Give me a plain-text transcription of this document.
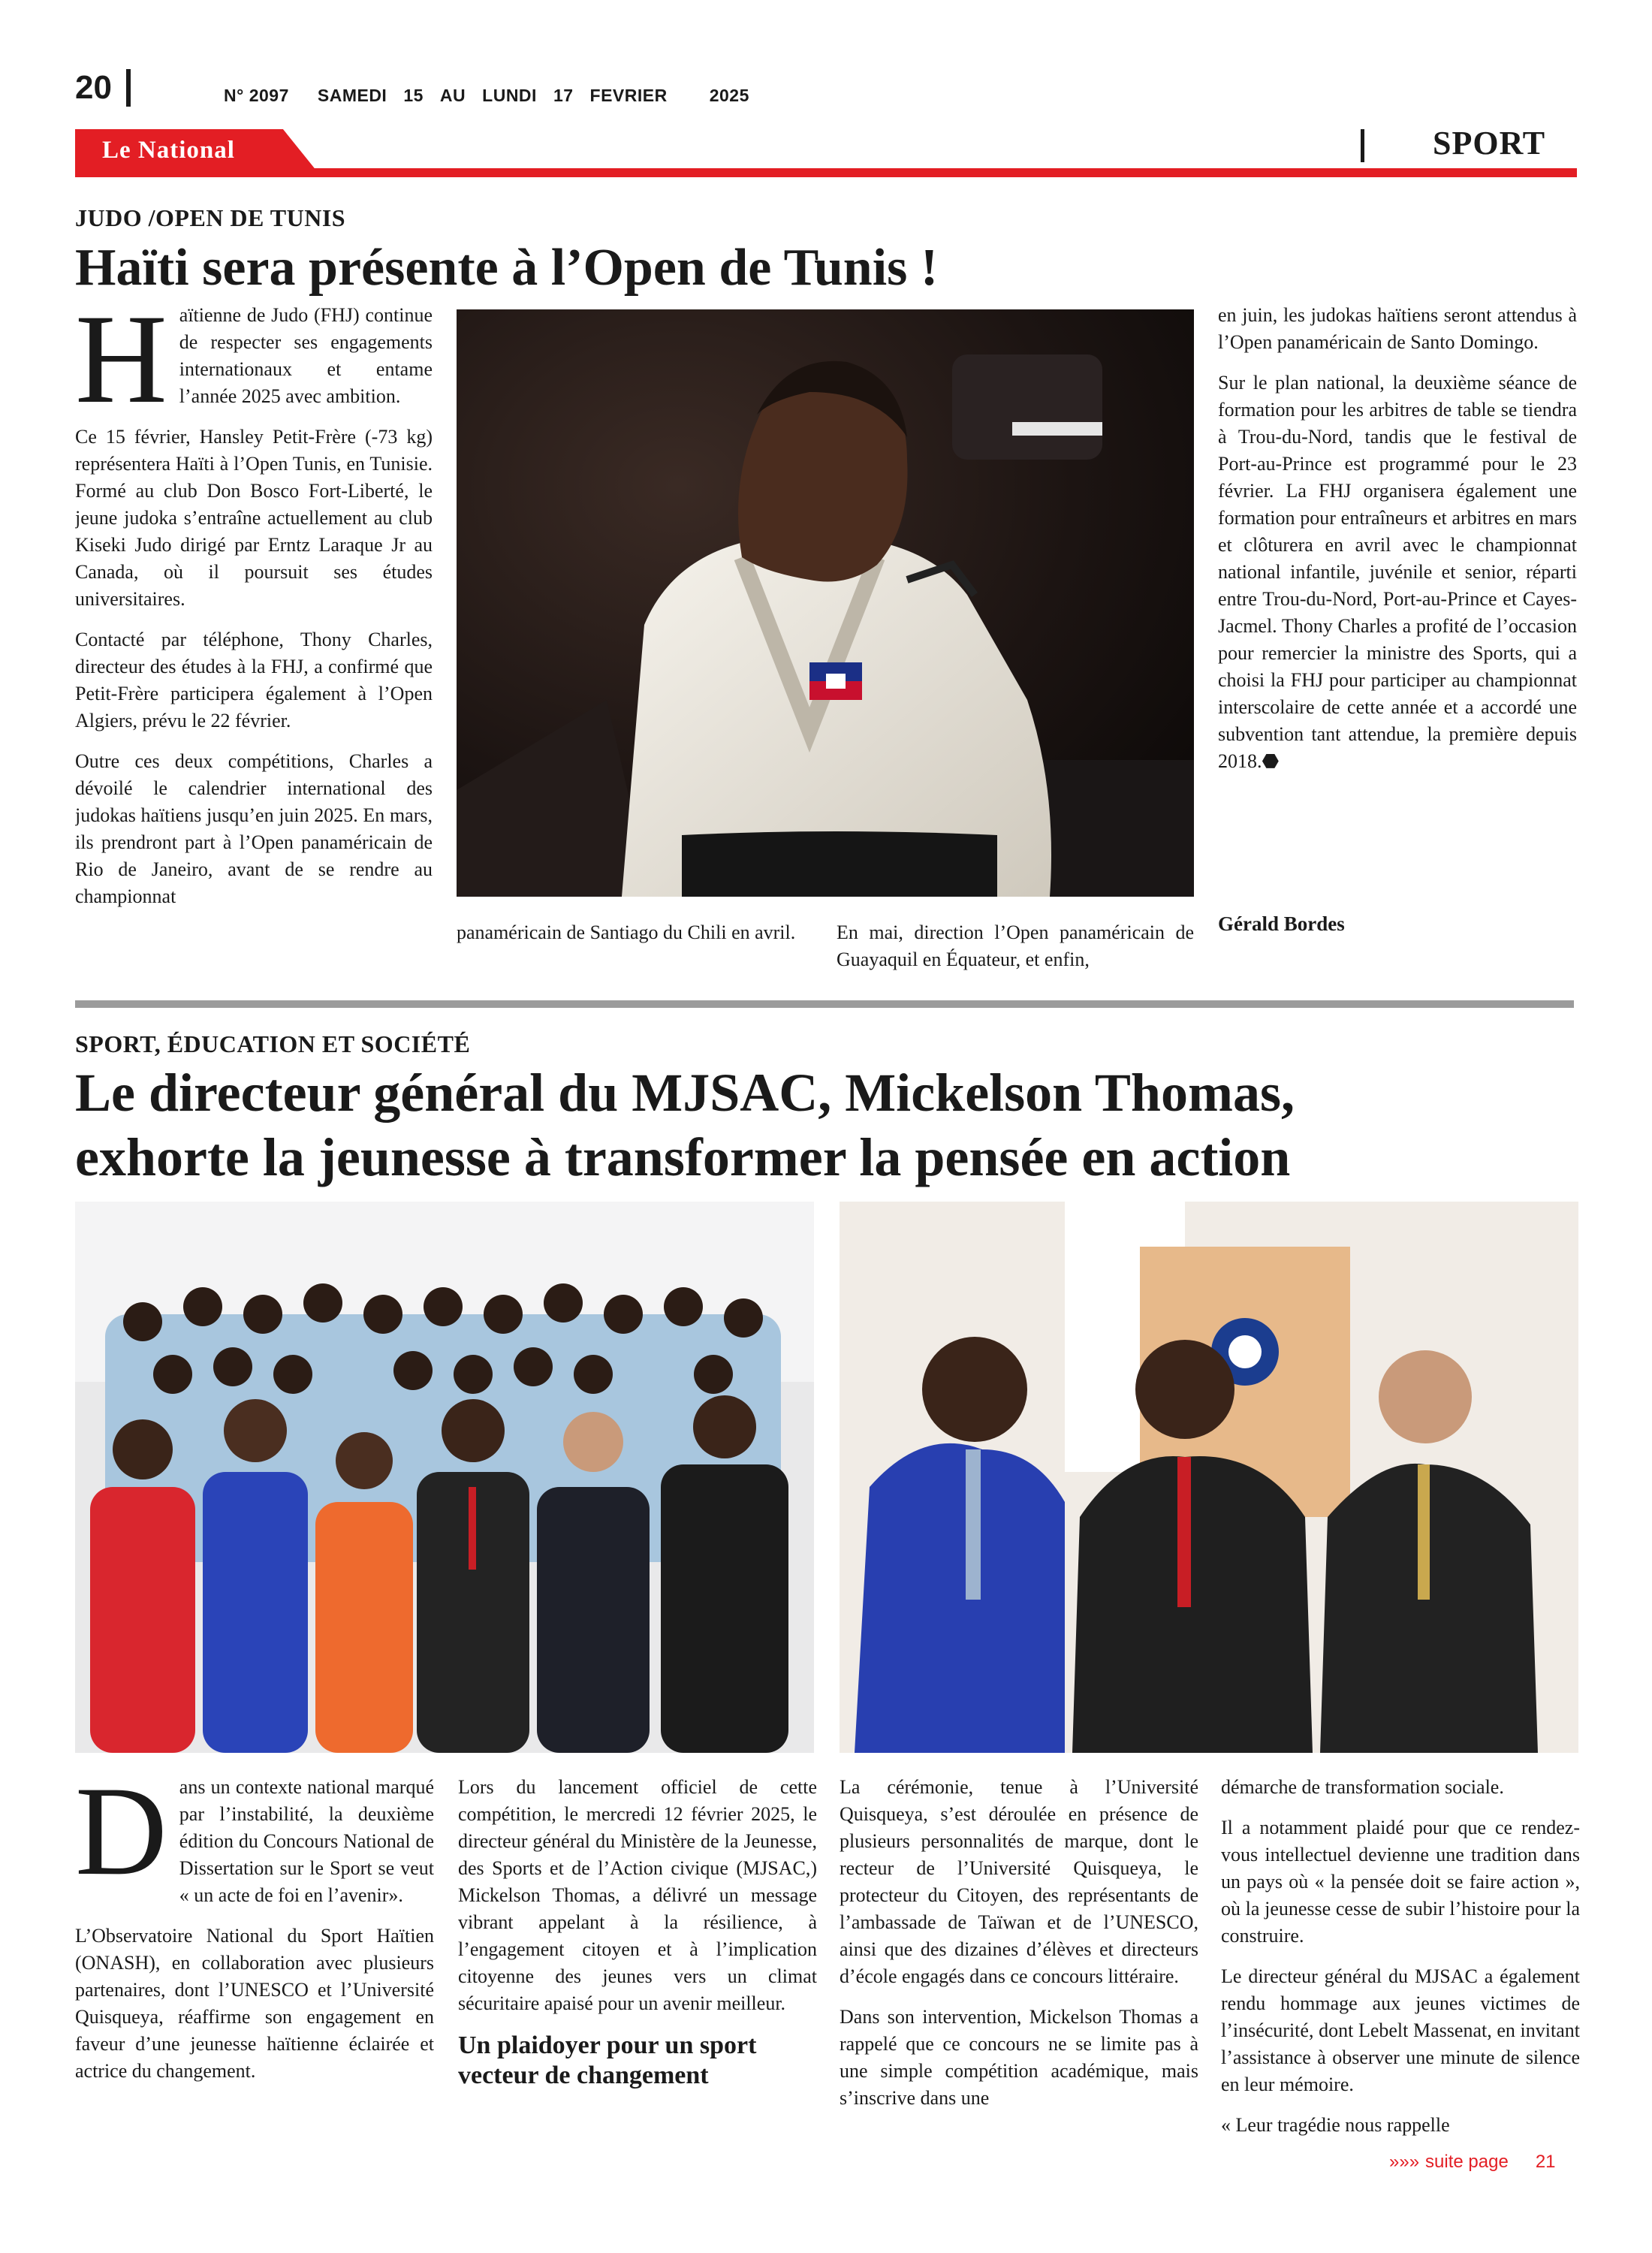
20	N° 2097 SAMEDI 15 AU LUNDI 17 FEVRIER 2025
Le National	SPORT
JUDO /OPEN DE TUNIS
Haïti sera présente à l’Open de Tunis !

Haïtienne de Judo (FHJ) continue de respecter ses engagements internationaux et entame l’année 2025 avec ambition.

Ce 15 février, Hansley Petit-Frère (-73 kg) représentera Haïti à l’Open Tunis, en Tunisie. Formé au club Don Bosco Fort-Liberté, le jeune judoka s’entraîne actuellement au club Kiseki Judo dirigé par Erntz Laraque Jr au Canada, où il poursuit ses études universitaires.

Contacté par téléphone, Thony Charles, directeur des études à la FHJ, a confirmé que Petit-Frère participera également à l’Open Algiers, prévu le 22 février.

Outre ces deux compétitions, Charles a dévoilé le calendrier international des judokas haïtiens jusqu’en juin 2025. En mars, ils prendront part à l’Open panaméricain de Rio de Janeiro, avant de se rendre au championnat

panaméricain de Santiago du Chili en avril.	En mai, direction l’Open panaméricain de Guayaquil en Équateur, et enfin,

en juin, les judokas haïtiens seront attendus à l’Open panaméricain de Santo Domingo.

Sur le plan national, la deuxième séance de formation pour les arbitres de table se tiendra à Trou-du-Nord, tandis que le festival de Port-au-Prince est programmé pour le 23 février. La FHJ organisera également une formation pour entraîneurs et arbitres en mars et clôturera en avril avec le championnat national infantile, juvénile et senior, réparti entre Trou-du-Nord, Port-au-Prince et Cayes-Jacmel. Thony Charles a profité de l’occasion pour remercier la ministre des Sports, qui a choisi la FHJ pour participer au championnat interscolaire de cette année et a accordé une subvention tant attendue, la première depuis 2018.⬣

Gérald Bordes
SPORT, ÉDUCATION ET SOCIÉTÉ
Le directeur général du MJSAC, Mickelson Thomas,
exhorte la jeunesse à transformer la pensée en action

Dans un contexte national marqué par l’instabilité, la deuxième édition du Concours National de Dissertation sur le Sport se veut « un acte de foi en l’avenir».

L’Observatoire National du Sport Haïtien (ONASH), en collaboration avec plusieurs partenaires, dont l’UNESCO et l’Université Quisqueya, réaffirme son engagement en faveur d’une jeunesse haïtienne éclairée et actrice du changement.

Lors du lancement officiel de cette compétition, le mercredi 12 février 2025, le directeur général du Ministère de la Jeunesse, des Sports et de l’Action civique (MJSAC,) Mickelson Thomas, a délivré un message vibrant appelant à la résilience, à l’engagement citoyen et à l’implication citoyenne des jeunes vers un climat sécuritaire apaisé pour un avenir meilleur.

Un plaidoyer pour un sport vecteur de changement

La cérémonie, tenue à l’Université Quisqueya, s’est déroulée en présence de plusieurs personnalités de marque, dont le recteur de l’Université Quisqueya, le protecteur du Citoyen, des représentants de l’ambassade de Taïwan et de l’UNESCO, ainsi que des dizaines d’élèves et directeurs d’école engagés dans ce concours littéraire.

Dans son intervention, Mickelson Thomas a rappelé que ce concours ne se limite pas à une simple compétition académique, mais s’inscrive dans une

démarche de transformation sociale.

Il a notamment plaidé pour que ce rendez-vous intellectuel devienne une tradition dans un pays où « la pensée doit se faire action », où la jeunesse cesse de subir l’histoire pour la construire.

Le directeur général du MJSAC a également rendu hommage aux jeunes victimes de l’insécurité, dont Lebelt Massenat, en invitant l’assistance à observer une minute de silence en leur mémoire.

« Leur tragédie nous rappelle

»»» suite page 21
